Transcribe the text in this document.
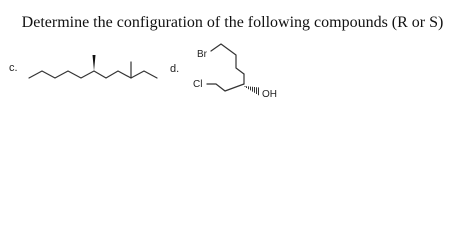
Determine the configuration of the following compounds (R or S)
c.	d.
Br
Cl
OH
